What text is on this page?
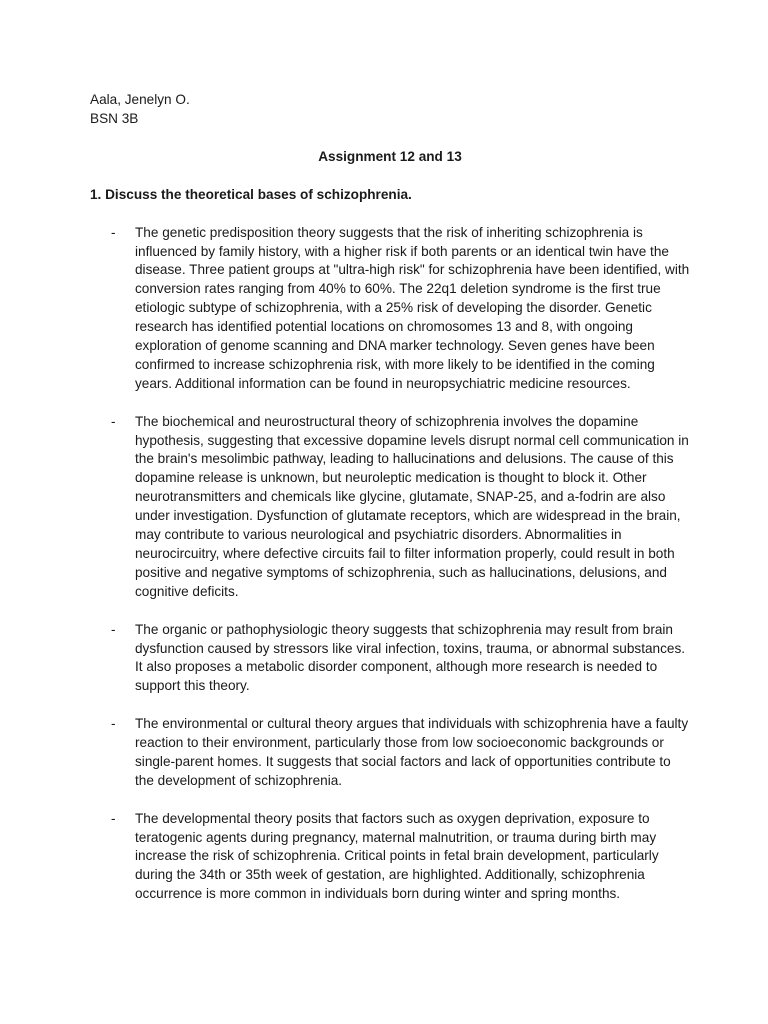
Aala, Jenelyn O.

BSN 3B

Assignment 12 and 13

1. Discuss the theoretical bases of schizophrenia.

- The genetic predisposition theory suggests that the risk of inheriting schizophrenia is influenced by family history, with a higher risk if both parents or an identical twin have the disease. Three patient groups at "ultra-high risk" for schizophrenia have been identified, with conversion rates ranging from 40% to 60%. The 22q1 deletion syndrome is the first true etiologic subtype of schizophrenia, with a 25% risk of developing the disorder. Genetic research has identified potential locations on chromosomes 13 and 8, with ongoing exploration of genome scanning and DNA marker technology. Seven genes have been confirmed to increase schizophrenia risk, with more likely to be identified in the coming years. Additional information can be found in neuropsychiatric medicine resources.
- The biochemical and neurostructural theory of schizophrenia involves the dopamine hypothesis, suggesting that excessive dopamine levels disrupt normal cell communication in the brain's mesolimbic pathway, leading to hallucinations and delusions. The cause of this dopamine release is unknown, but neuroleptic medication is thought to block it. Other neurotransmitters and chemicals like glycine, glutamate, SNAP-25, and a-fodrin are also under investigation. Dysfunction of glutamate receptors, which are widespread in the brain, may contribute to various neurological and psychiatric disorders. Abnormalities in neurocircuitry, where defective circuits fail to filter information properly, could result in both positive and negative symptoms of schizophrenia, such as hallucinations, delusions, and cognitive deficits.
- The organic or pathophysiologic theory suggests that schizophrenia may result from brain dysfunction caused by stressors like viral infection, toxins, trauma, or abnormal substances. It also proposes a metabolic disorder component, although more research is needed to support this theory.
- The environmental or cultural theory argues that individuals with schizophrenia have a faulty reaction to their environment, particularly those from low socioeconomic backgrounds or single-parent homes. It suggests that social factors and lack of opportunities contribute to the development of schizophrenia.
- The developmental theory posits that factors such as oxygen deprivation, exposure to teratogenic agents during pregnancy, maternal malnutrition, or trauma during birth may increase the risk of schizophrenia. Critical points in fetal brain development, particularly during the 34th or 35th week of gestation, are highlighted. Additionally, schizophrenia occurrence is more common in individuals born during winter and spring months.
